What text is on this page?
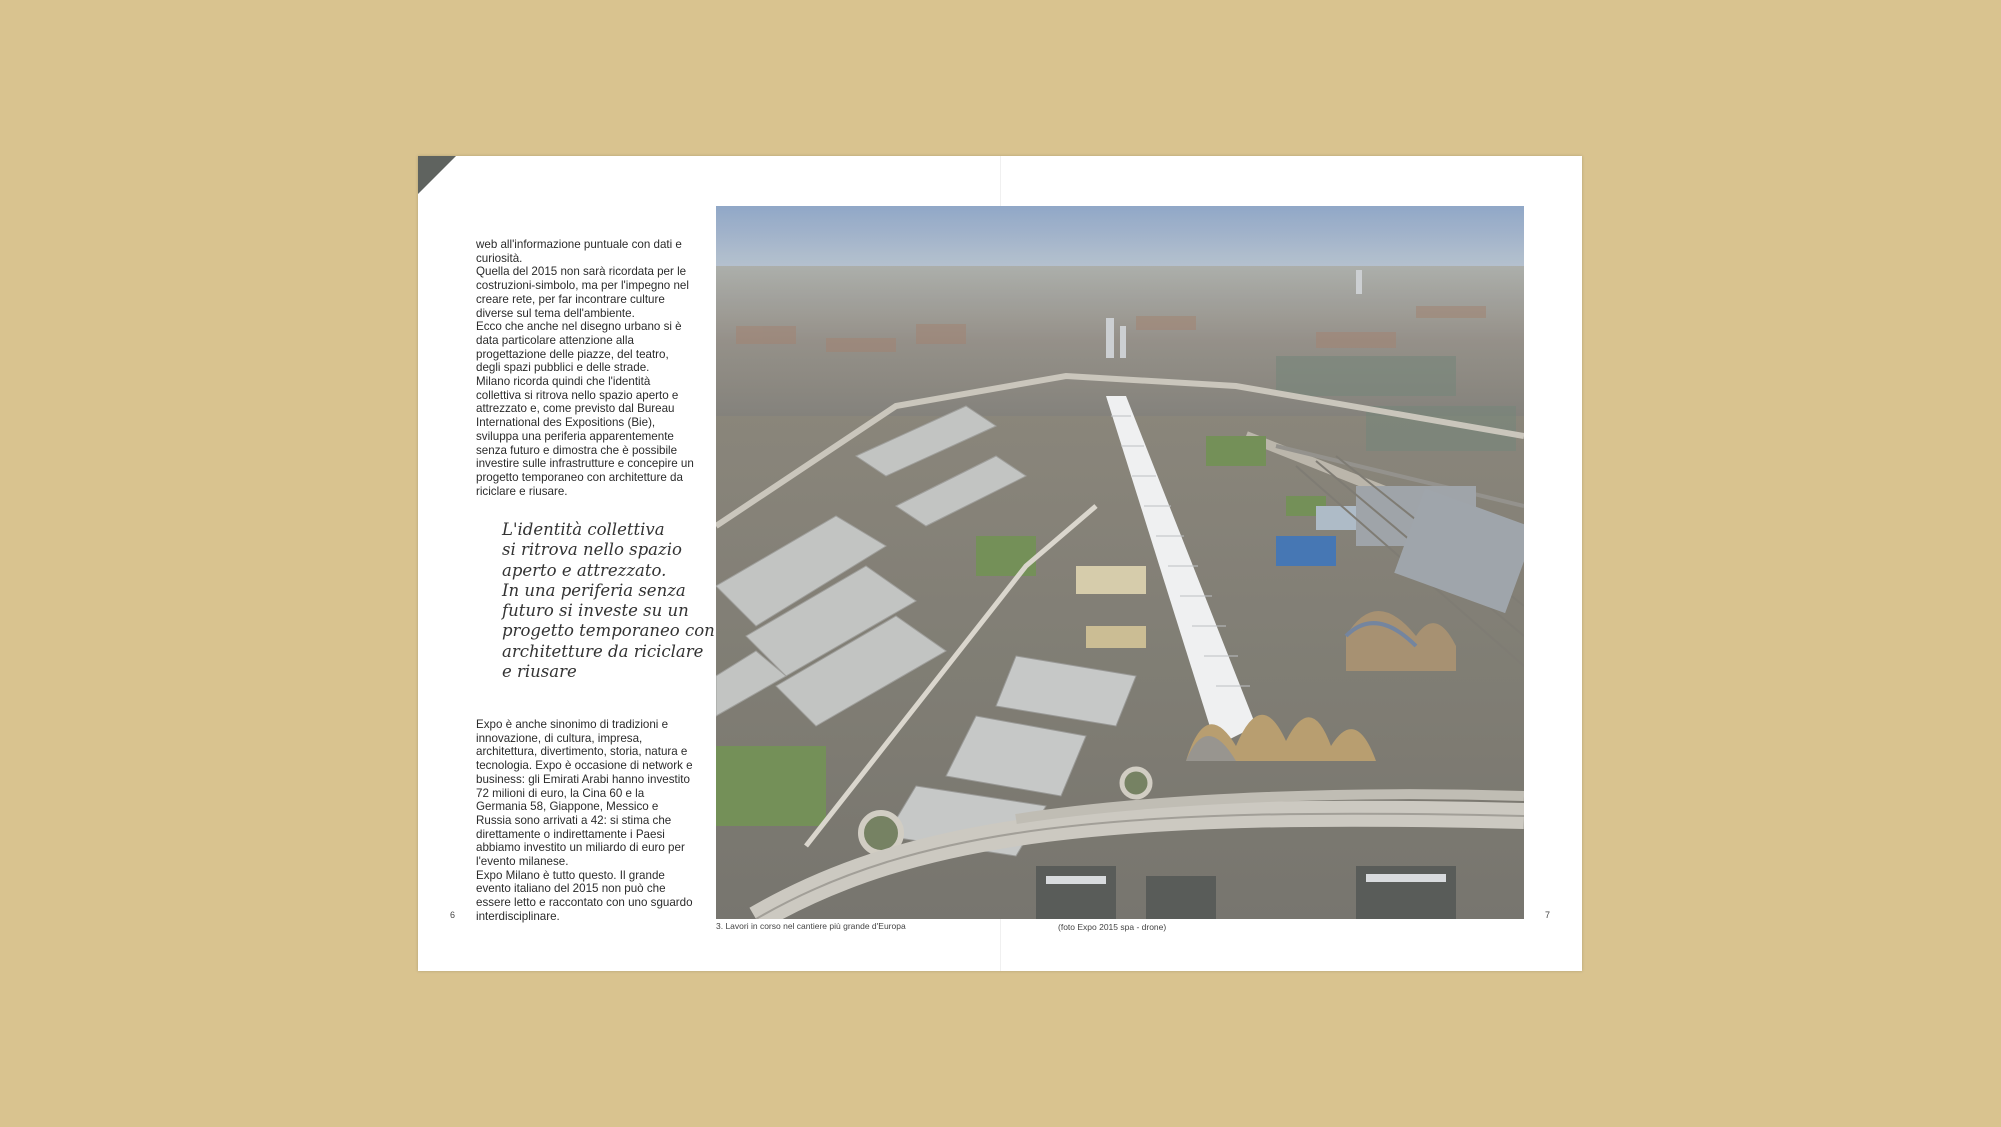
web all'informazione puntuale con dati e curiosità.

Quella del 2015 non sarà ricordata per le costruzioni-simbolo, ma per l'impegno nel creare rete, per far incontrare culture diverse sul tema dell'ambiente.

Ecco che anche nel disegno urbano si è data particolare attenzione alla progettazione delle piazze, del teatro, degli spazi pubblici e delle strade.

Milano ricorda quindi che l'identità collettiva si ritrova nello spazio aperto e attrezzato e, come previsto dal Bureau International des Expositions (Bie), sviluppa una periferia apparentemente senza futuro e dimostra che è possibile investire sulle infrastrutture e concepire un progetto temporaneo con architetture da riciclare e riusare.

L'identità collettiva
si ritrova nello spazio
aperto e attrezzato.
In una periferia senza
futuro si investe su un
progetto temporaneo con
architetture da riciclare
e riusare

Expo è anche sinonimo di tradizioni e innovazione, di cultura, impresa, architettura, divertimento, storia, natura e tecnologia. Expo è occasione di network e business: gli Emirati Arabi hanno investito 72 milioni di euro, la Cina 60 e la Germania 58, Giappone, Messico e Russia sono arrivati a 42: si stima che direttamente o indirettamente i Paesi abbiamo investito un miliardo di euro per l'evento milanese.

Expo Milano è tutto questo. Il grande evento italiano del 2015 non può che essere letto e raccontato con uno sguardo interdisciplinare.

6	7
3. Lavori in corso nel cantiere più grande d'Europa	(foto Expo 2015 spa - drone)
